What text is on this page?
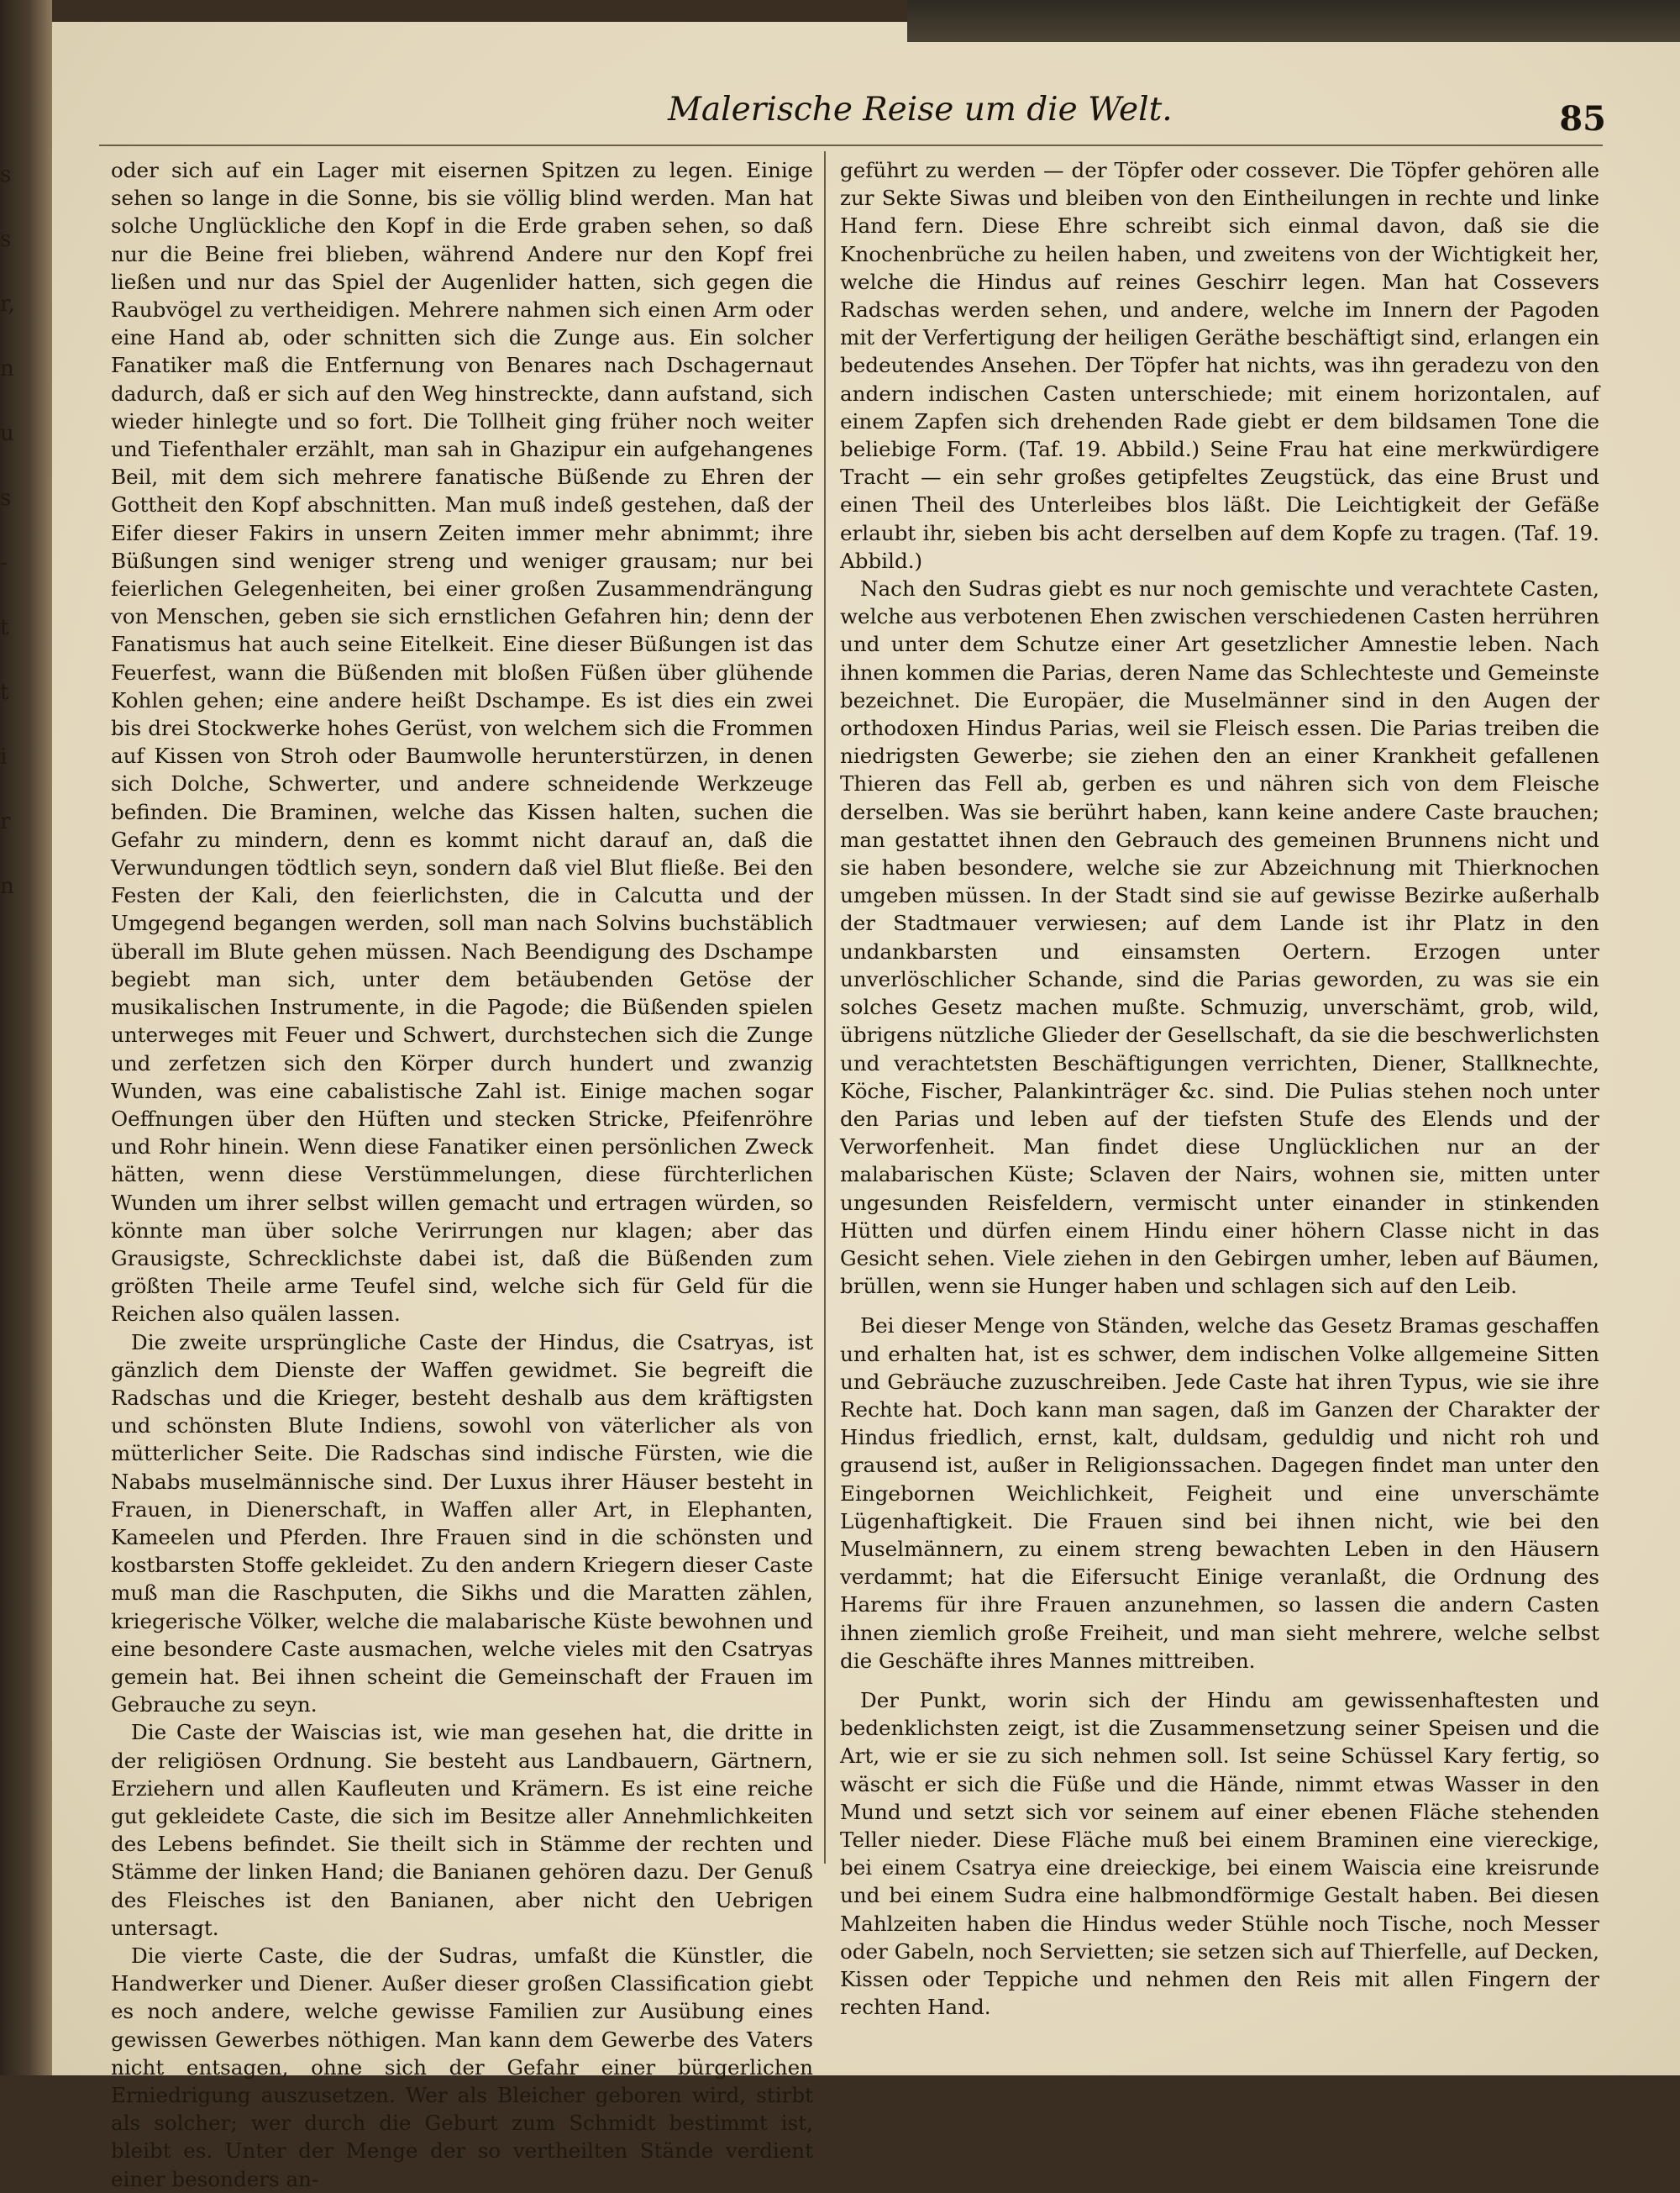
s
s
r,
n
u
s
-
t
t
i
r
n
Malerische Reise um die Welt.	85

oder sich auf ein Lager mit eisernen Spitzen zu legen. Einige sehen so lange in die Sonne, bis sie völlig blind werden. Man hat solche Unglückliche den Kopf in die Erde graben sehen, so daß nur die Beine frei blieben, während Andere nur den Kopf frei ließen und nur das Spiel der Augenlider hatten, sich gegen die Raubvögel zu vertheidigen. Mehrere nahmen sich einen Arm oder eine Hand ab, oder schnitten sich die Zunge aus. Ein solcher Fanatiker maß die Entfernung von Benares nach Dschagernaut dadurch, daß er sich auf den Weg hinstreckte, dann aufstand, sich wieder hinlegte und so fort. Die Tollheit ging früher noch weiter und Tiefenthaler erzählt, man sah in Ghazipur ein aufgehangenes Beil, mit dem sich mehrere fanatische Büßende zu Ehren der Gottheit den Kopf abschnitten. Man muß indeß gestehen, daß der Eifer dieser Fakirs in unsern Zeiten immer mehr abnimmt; ihre Büßungen sind weniger streng und weniger grausam; nur bei feierlichen Gelegenheiten, bei einer großen Zusammendrängung von Menschen, geben sie sich ernstlichen Gefahren hin; denn der Fanatismus hat auch seine Eitelkeit. Eine dieser Büßungen ist das Feuerfest, wann die Büßenden mit bloßen Füßen über glühende Kohlen gehen; eine andere heißt Dschampe. Es ist dies ein zwei bis drei Stockwerke hohes Gerüst, von welchem sich die Frommen auf Kissen von Stroh oder Baumwolle herunterstürzen, in denen sich Dolche, Schwerter, und andere schneidende Werkzeuge befinden. Die Braminen, welche das Kissen halten, suchen die Gefahr zu mindern, denn es kommt nicht darauf an, daß die Verwundungen tödtlich seyn, sondern daß viel Blut fließe. Bei den Festen der Kali, den feierlichsten, die in Calcutta und der Umgegend begangen werden, soll man nach Solvins buchstäblich überall im Blute gehen müssen. Nach Beendigung des Dschampe begiebt man sich, unter dem betäubenden Getöse der musikalischen Instrumente, in die Pagode; die Büßenden spielen unterweges mit Feuer und Schwert, durchstechen sich die Zunge und zerfetzen sich den Körper durch hundert und zwanzig Wunden, was eine cabalistische Zahl ist. Einige machen sogar Oeffnungen über den Hüften und stecken Stricke, Pfeifenröhre und Rohr hinein. Wenn diese Fanatiker einen persönlichen Zweck hätten, wenn diese Verstümmelungen, diese fürchterlichen Wunden um ihrer selbst willen gemacht und ertragen würden, so könnte man über solche Verirrungen nur klagen; aber das Grausigste, Schrecklichste dabei ist, daß die Büßenden zum größten Theile arme Teufel sind, welche sich für Geld für die Reichen also quälen lassen.

Die zweite ursprüngliche Caste der Hindus, die Csatryas, ist gänzlich dem Dienste der Waffen gewidmet. Sie begreift die Radschas und die Krieger, besteht deshalb aus dem kräftigsten und schönsten Blute Indiens, sowohl von väterlicher als von mütterlicher Seite. Die Radschas sind indische Fürsten, wie die Nababs muselmännische sind. Der Luxus ihrer Häuser besteht in Frauen, in Dienerschaft, in Waffen aller Art, in Elephanten, Kameelen und Pferden. Ihre Frauen sind in die schönsten und kostbarsten Stoffe gekleidet. Zu den andern Kriegern dieser Caste muß man die Raschputen, die Sikhs und die Maratten zählen, kriegerische Völker, welche die malabarische Küste bewohnen und eine besondere Caste ausmachen, welche vieles mit den Csatryas gemein hat. Bei ihnen scheint die Gemeinschaft der Frauen im Gebrauche zu seyn.

Die Caste der Waiscias ist, wie man gesehen hat, die dritte in der religiösen Ordnung. Sie besteht aus Landbauern, Gärtnern, Erziehern und allen Kaufleuten und Krämern. Es ist eine reiche gut gekleidete Caste, die sich im Besitze aller Annehmlichkeiten des Lebens befindet. Sie theilt sich in Stämme der rechten und Stämme der linken Hand; die Banianen gehören dazu. Der Genuß des Fleisches ist den Banianen, aber nicht den Uebrigen untersagt.

Die vierte Caste, die der Sudras, umfaßt die Künstler, die Handwerker und Diener. Außer dieser großen Classification giebt es noch andere, welche gewisse Familien zur Ausübung eines gewissen Gewerbes nöthigen. Man kann dem Gewerbe des Vaters nicht entsagen, ohne sich der Gefahr einer bürgerlichen Erniedrigung auszusetzen. Wer als Bleicher geboren wird, stirbt als solcher; wer durch die Geburt zum Schmidt bestimmt ist, bleibt es. Unter der Menge der so vertheilten Stände verdient einer besonders an-

geführt zu werden — der Töpfer oder cossever. Die Töpfer gehören alle zur Sekte Siwas und bleiben von den Eintheilungen in rechte und linke Hand fern. Diese Ehre schreibt sich einmal davon, daß sie die Knochenbrüche zu heilen haben, und zweitens von der Wichtigkeit her, welche die Hindus auf reines Geschirr legen. Man hat Cossevers Radschas werden sehen, und andere, welche im Innern der Pagoden mit der Verfertigung der heiligen Geräthe beschäftigt sind, erlangen ein bedeutendes Ansehen. Der Töpfer hat nichts, was ihn geradezu von den andern indischen Casten unterschiede; mit einem horizontalen, auf einem Zapfen sich drehenden Rade giebt er dem bildsamen Tone die beliebige Form. (Taf. 19. Abbild.) Seine Frau hat eine merkwürdigere Tracht — ein sehr großes getipfeltes Zeugstück, das eine Brust und einen Theil des Unterleibes blos läßt. Die Leichtigkeit der Gefäße erlaubt ihr, sieben bis acht derselben auf dem Kopfe zu tragen. (Taf. 19. Abbild.)

Nach den Sudras giebt es nur noch gemischte und verachtete Casten, welche aus verbotenen Ehen zwischen verschiedenen Casten herrühren und unter dem Schutze einer Art gesetzlicher Amnestie leben. Nach ihnen kommen die Parias, deren Name das Schlechteste und Gemeinste bezeichnet. Die Europäer, die Muselmänner sind in den Augen der orthodoxen Hindus Parias, weil sie Fleisch essen. Die Parias treiben die niedrigsten Gewerbe; sie ziehen den an einer Krankheit gefallenen Thieren das Fell ab, gerben es und nähren sich von dem Fleische derselben. Was sie berührt haben, kann keine andere Caste brauchen; man gestattet ihnen den Gebrauch des gemeinen Brunnens nicht und sie haben besondere, welche sie zur Abzeichnung mit Thierknochen umgeben müssen. In der Stadt sind sie auf gewisse Bezirke außerhalb der Stadtmauer verwiesen; auf dem Lande ist ihr Platz in den undankbarsten und einsamsten Oertern. Erzogen unter unverlöschlicher Schande, sind die Parias geworden, zu was sie ein solches Gesetz machen mußte. Schmuzig, unverschämt, grob, wild, übrigens nützliche Glieder der Gesellschaft, da sie die beschwerlichsten und verachtetsten Beschäftigungen verrichten, Diener, Stallknechte, Köche, Fischer, Palankinträger &c. sind. Die Pulias stehen noch unter den Parias und leben auf der tiefsten Stufe des Elends und der Verworfenheit. Man findet diese Unglücklichen nur an der malabarischen Küste; Sclaven der Nairs, wohnen sie, mitten unter ungesunden Reisfeldern, vermischt unter einander in stinkenden Hütten und dürfen einem Hindu einer höhern Classe nicht in das Gesicht sehen. Viele ziehen in den Gebirgen umher, leben auf Bäumen, brüllen, wenn sie Hunger haben und schlagen sich auf den Leib.

Bei dieser Menge von Ständen, welche das Gesetz Bramas geschaffen und erhalten hat, ist es schwer, dem indischen Volke allgemeine Sitten und Gebräuche zuzuschreiben. Jede Caste hat ihren Typus, wie sie ihre Rechte hat. Doch kann man sagen, daß im Ganzen der Charakter der Hindus friedlich, ernst, kalt, duldsam, geduldig und nicht roh und grausend ist, außer in Religionssachen. Dagegen findet man unter den Eingebornen Weichlichkeit, Feigheit und eine unverschämte Lügenhaftigkeit. Die Frauen sind bei ihnen nicht, wie bei den Muselmännern, zu einem streng bewachten Leben in den Häusern verdammt; hat die Eifersucht Einige veranlaßt, die Ordnung des Harems für ihre Frauen anzunehmen, so lassen die andern Casten ihnen ziemlich große Freiheit, und man sieht mehrere, welche selbst die Geschäfte ihres Mannes mittreiben.

Der Punkt, worin sich der Hindu am gewissenhaftesten und bedenklichsten zeigt, ist die Zusammensetzung seiner Speisen und die Art, wie er sie zu sich nehmen soll. Ist seine Schüssel Kary fertig, so wäscht er sich die Füße und die Hände, nimmt etwas Wasser in den Mund und setzt sich vor seinem auf einer ebenen Fläche stehenden Teller nieder. Diese Fläche muß bei einem Braminen eine viereckige, bei einem Csatrya eine dreieckige, bei einem Waiscia eine kreisrunde und bei einem Sudra eine halbmondförmige Gestalt haben. Bei diesen Mahlzeiten haben die Hindus weder Stühle noch Tische, noch Messer oder Gabeln, noch Servietten; sie setzen sich auf Thierfelle, auf Decken, Kissen oder Teppiche und nehmen den Reis mit allen Fingern der rechten Hand.
